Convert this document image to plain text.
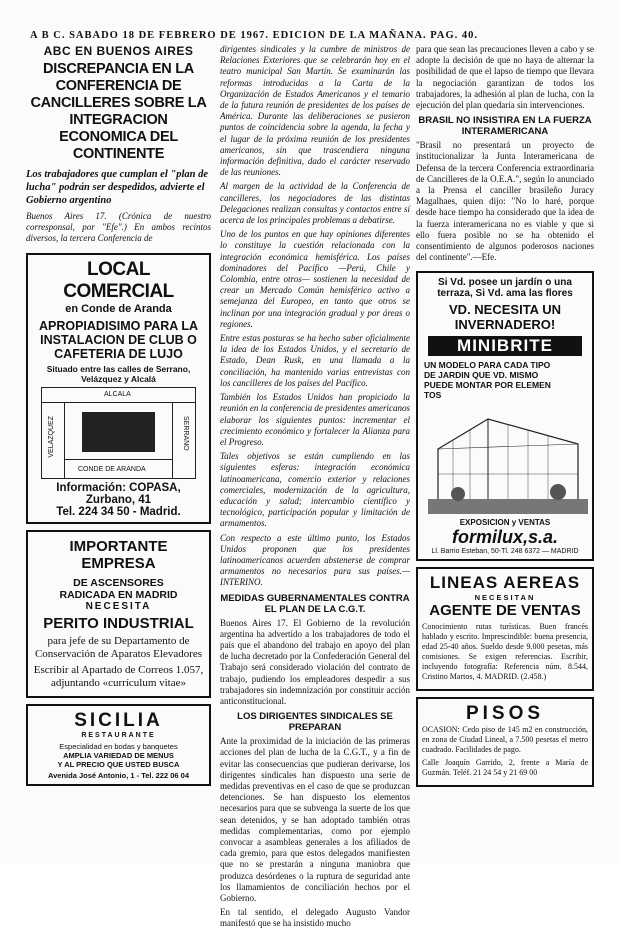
A B C. SABADO 18 DE FEBRERO DE 1967. EDICION DE LA MAÑANA. PAG. 40.
ABC EN BUENOS AIRES
DISCREPANCIA EN LA CONFERENCIA DE CANCILLERES SOBRE LA INTEGRACION ECONOMICA DEL CONTINENTE
Los trabajadores que cumplan el "plan de lucha" podrán ser despedidos, advierte el Gobierno argentino
Buenos Aires 17. (Crónica de nuestro corresponsal, por "Efe".) En ambos recintos diversos, la tercera Conferencia de
LOCAL COMERCIAL
en Conde de Aranda
APROPIADISIMO PARA LA INSTALACION DE CLUB O CAFETERIA DE LUJO
Situado entre las calles de Serrano, Velázquez y Alcalá
ALCALA
VELAZQUEZ	SERRANO
CONDE DE ARANDA
Información: COPASA, Zurbano, 41
Tel. 224 34 50 - Madrid.
IMPORTANTE EMPRESA
DE ASCENSORES
RADICADA EN MADRID
NECESITA
PERITO INDUSTRIAL
para jefe de su Departamento de Conservación de Aparatos Elevadores
Escribir al Apartado de Correos 1.057, adjuntando «currículum vitae»
SICILIA
RESTAURANTE
Especialidad en bodas y banquetes
AMPLIA VARIEDAD DE MENUS
Y AL PRECIO QUE USTED BUSCA
Avenida José Antonio, 1 - Tel. 222 06 04
dirigentes sindicales y la cumbre de ministros de Relaciones Exteriores que se celebrarán hoy en el teatro municipal San Martín. Se examinarán las reformas introducidas a la Carta de la Organización de Estados Americanos y el temario de la futura reunión de presidentes de los países de América. Durante las deliberaciones se pusieron puntos de coincidencia sobre la agenda, la fecha y el lugar de la próxima reunión de los presidentes americanos, sin que trascendiera ninguna información definitiva, dado el carácter reservado de las reuniones.
Al margen de la actividad de la Conferencia de cancilleres, los negociadores de las distintas Delegaciones realizan consultas y contactos entre sí acerca de los principales problemas a debatirse.
Uno de los puntos en que hay opiniones diferentes lo constituye la cuestión relacionada con la integración económica hemisférica. Los países dominadores del Pacífico —Perú, Chile y Colombia, entre otros— sostienen la necesidad de crear un Mercado Común hemisférico activo a semejanza del Europeo, en tanto que otros se inclinan por una integración gradual y por áreas o regiones.
Entre estas posturas se ha hecho saber oficialmente la idea de los Estados Unidos, y el secretario de Estado, Dean Rusk, en una llamada a la conciliación, ha mantenido varias entrevistas con los cancilleres de los países del Pacífico.
También los Estados Unidos han propiciado la reunión en la conferencia de presidentes americanos elaborar los siguientes puntos: incrementar el crecimiento económico y fortalecer la Alianza para el Progreso.
Tales objetivos se están cumpliendo en las siguientes esferas: integración económica latinoamericana, comercio exterior y relaciones comerciales, modernización de la agricultura, educación y salud; intercambio científico y tecnológico, participación popular y limitación de armamentos.
Con respecto a este último punto, los Estados Unidos proponen que los presidentes latinoamericanos acuerden abstenerse de comprar armamentos no necesarios para sus países.—INTERINO.
MEDIDAS GUBERNAMENTALES CONTRA EL PLAN DE LA C.G.T.
Buenos Aires 17. El Gobierno de la revolución argentina ha advertido a los trabajadores de todo el país que el abandono del trabajo en apoyo del plan de lucha decretado por la Confederación General del Trabajo será considerado violación del contrato de trabajo, pudiendo los empleadores despedir a sus trabajadores sin indemnización por constituir acción anticonstitucional.
LOS DIRIGENTES SINDICALES SE PREPARAN
Ante la proximidad de la iniciación de las primeras acciones del plan de lucha de la C.G.T., y a fin de evitar las consecuencias que pudieran derivarse, los dirigentes sindicales han dispuesto una serie de medidas preventivas en el caso de que se produzcan detenciones. Se han dispuesto los elementos necesarios para que se subvenga la suerte de los que sean detenidos, y se han adoptado también otras medidas complementarias, como por ejemplo convocar a asambleas generales a los afiliados de cada gremio, para que estos delegados manifiesten que no se prestarán a ninguna maniobra que produzca desórdenes o la ruptura de seguridad ante los llamamientos de conciliación hechos por el Gobierno.
En tal sentido, el delegado Augusto Vandor manifestó que se ha insistido mucho
para que sean las precauciones lleven a cabo y se adopte la decisión de que no haya de alternar la posibilidad de que el lapso de tiempo que llevara la negociación garantizan de todos los trabajadores, la adhesión al plan de lucha, con la ejecución del plan quedaría sin intervenciones.
BRASIL NO INSISTIRA EN LA FUERZA INTERAMERICANA
"Brasil no presentará un proyecto de institucionalizar la Junta Interamericana de Defensa de la tercera Conferencia extraordinaria de Cancilleres de la O.E.A.", según lo anunciado a la Prensa el canciller brasileño Juracy Magalhaes, quien dijo: "No lo haré, porque desde hace tiempo ha considerado que la idea de la fuerza interamericana no es viable y que si ello fuera posible no se ha obtenido el consentimiento de algunos poderosos naciones del continente".—Efe.
Si Vd. posee un jardín o una
terraza, Si Vd. ama las flores
VD. NECESITA UN INVERNADERO!
MINIBRITE
UN MODELO PARA CADA TIPO
DE JARDIN QUE VD. MISMO
PUEDE MONTAR POR ELEMEN
TOS
EXPOSICION y VENTAS
formilux,s.a.
Ll. Barrio Esteban, 50-Tl. 248 6372 — MADRID
LINEAS AEREAS
NECESITAN
AGENTE DE VENTAS
Conocimiento rutas turísticas. Buen francés hablado y escrito. Imprescindible: buena presencia, edad 25-40 años. Sueldo desde 9.000 pesetas, más comisiones. Se exigen referencias. Escribir, incluyendo fotografía: Referencia núm. 8.544, Cristino Martos, 4. MADRID. (2.458.)
PISOS
OCASION: Cedo piso de 145 m2 en construcción, en zona de Ciudad Lineal, a 7.500 pesetas el metro cuadrado. Facilidades de pago.
Calle Joaquín Garrido, 2, frente a María de Guzmán. Teléf. 21 24 54 y 21 69 00
